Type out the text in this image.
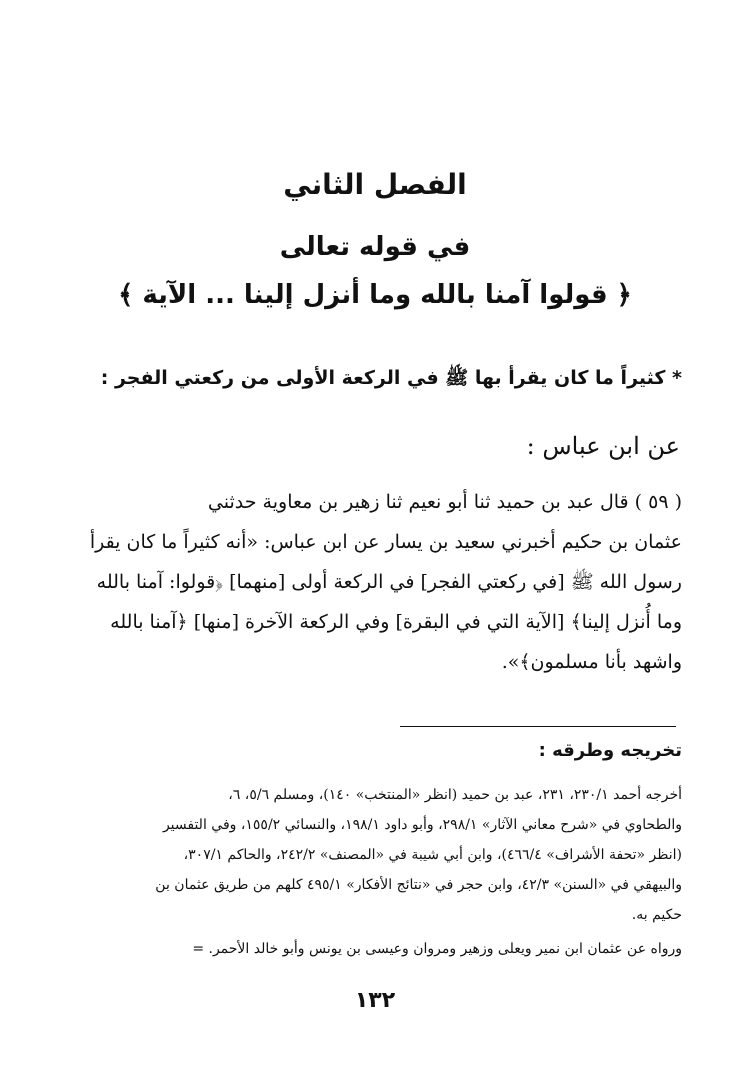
الفصل الثاني
في قوله تعالى
﴿ قولوا آمنا بالله وما أنزل إلينا ... الآية ﴾
* كثيراً ما كان يقرأ بها ﷺ في الركعة الأولى من ركعتي الفجر :
عن ابن عباس :
( ٥٩ ) قال عبد بن حميد ثنا أبو نعيم ثنا زهير بن معاوية حدثني
عثمان بن حكيم أخبرني سعيد بن يسار عن ابن عباس: «أنه كثيراً ما كان يقرأ
رسول الله ﷺ [في ركعتي الفجر] في الركعة أولى [منهما] ﴿قولوا: آمنا بالله
وما أُنزل إلينا﴾ [الآية التي في البقرة] وفي الركعة الآخرة [منها] ﴿آمنا بالله
واشهد بأنا مسلمون﴾».
تخريجه وطرقه :
أخرجه أحمد ٢٣٠/١، ٢٣١، عبد بن حميد (انظر «المنتخب» ١٤٠)، ومسلم ٥/٦، ٦،
والطحاوي في «شرح معاني الآثار» ٢٩٨/١، وأبو داود ١٩٨/١، والنسائي ١٥٥/٢، وفي التفسير
(انظر «تحفة الأشراف» ٤٦٦/٤)، وابن أبي شيبة في «المصنف» ٢٤٢/٢، والحاكم ٣٠٧/١،
والبيهقي في «السنن» ٤٢/٣، وابن حجر في «نتائج الأفكار» ٤٩٥/١ كلهم من طريق عثمان بن
حكيم به.
ورواه عن عثمان ابن نمير ويعلى وزهير ومروان وعيسى بن يونس وأبو خالد الأحمر. =
١٣٢
